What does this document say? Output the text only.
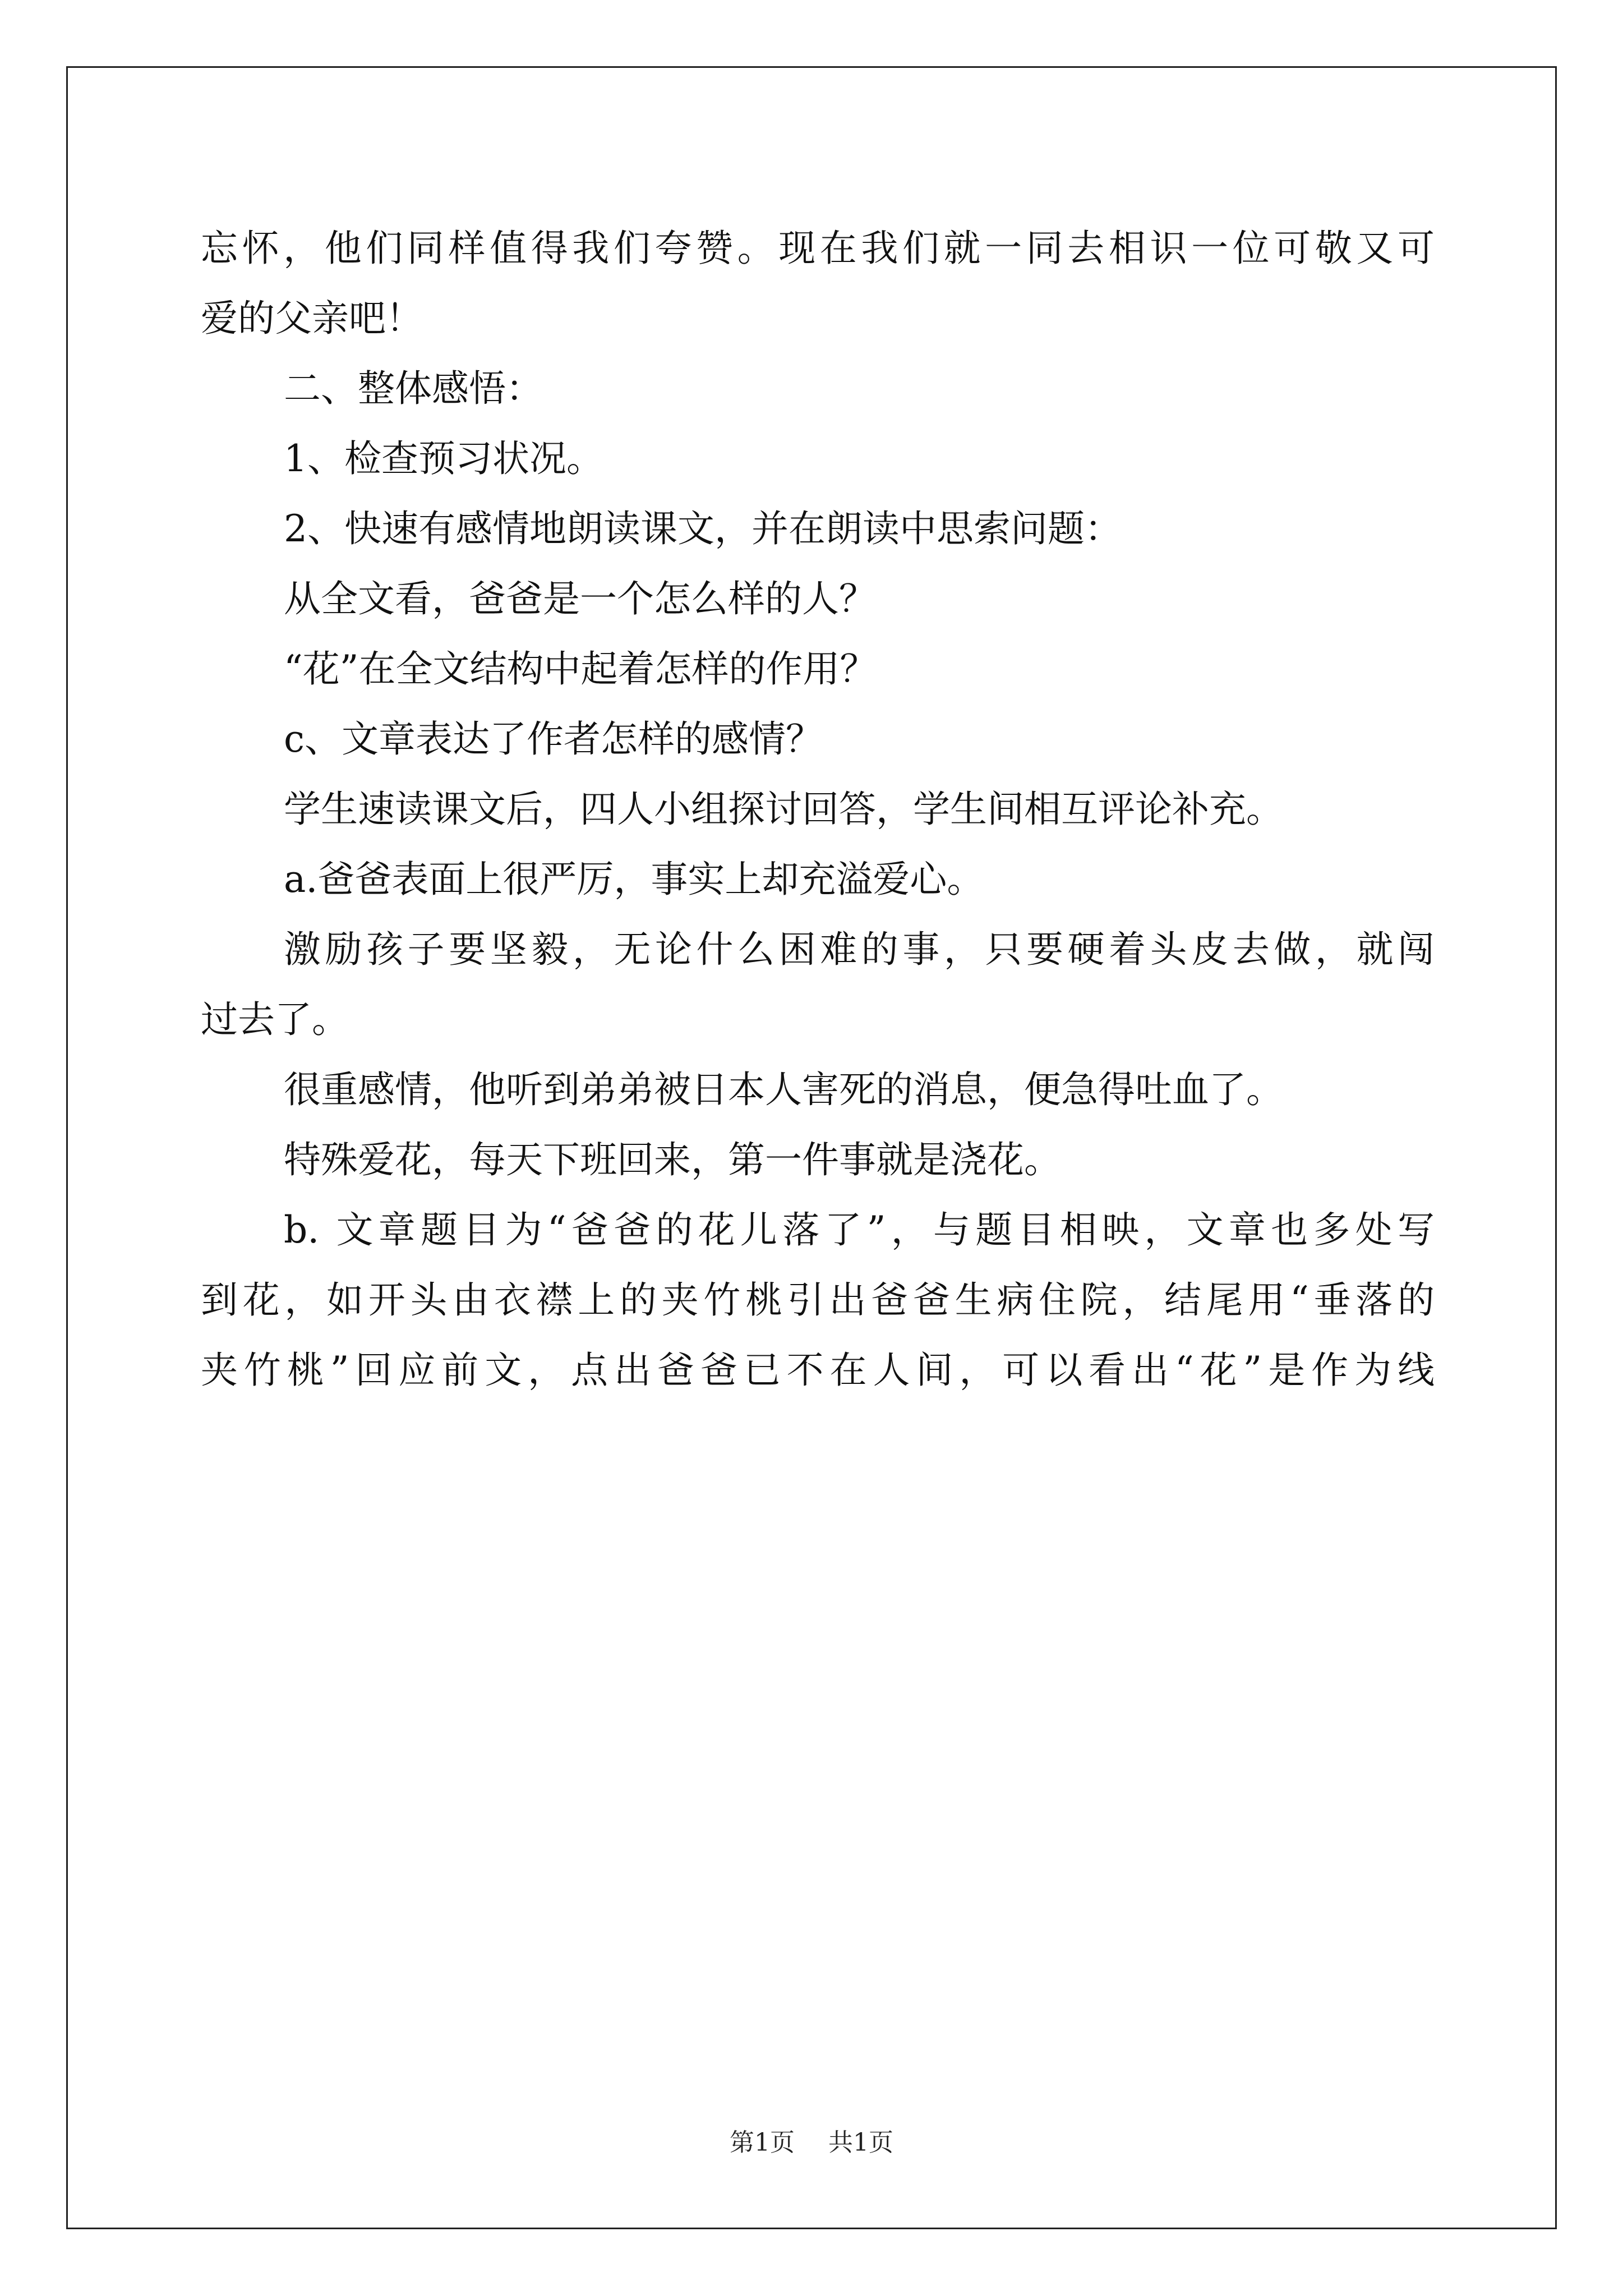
忘怀，他们同样值得我们夸赞。现在我们就一同去相识一位可敬又可
爱的父亲吧！
二、整体感悟：
1、检查预习状况。
2、快速有感情地朗读课文，并在朗读中思索问题：
从全文看，爸爸是一个怎么样的人？
“花”在全文结构中起着怎样的作用？
c、文章表达了作者怎样的感情？
学生速读课文后，四人小组探讨回答，学生间相互评论补充。
a.爸爸表面上很严厉，事实上却充溢爱心。
激励孩子要坚毅，无论什么困难的事，只要硬着头皮去做，就闯
过去了。
很重感情，他听到弟弟被日本人害死的消息，便急得吐血了。
特殊爱花，每天下班回来，第一件事就是浇花。
b. 文章题目为“爸爸的花儿落了”，与题目相映，文章也多处写
到花，如开头由衣襟上的夹竹桃引出爸爸生病住院，结尾用“垂落的
夹竹桃”回应前文，点出爸爸已不在人间，可以看出“花”是作为线
第1页 共1页
